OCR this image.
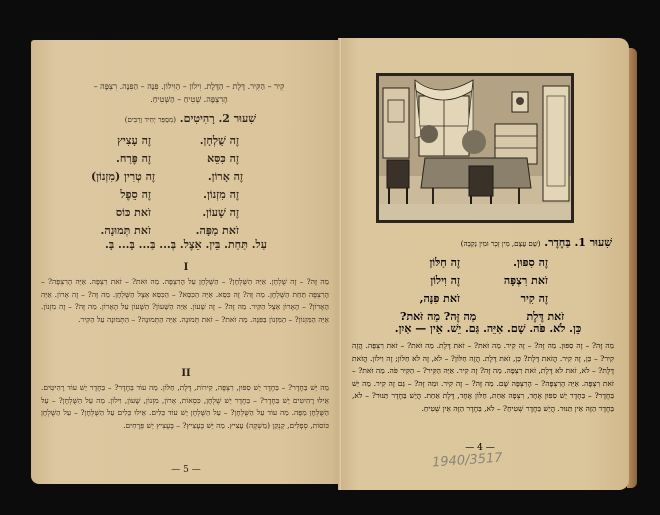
קִיר – הַקִּיר. דֶּלֶת – הַדֶּלֶת. וִילוֹן – הַוִּילוֹן. פִּנָּה – הַפִּנָּה. רִצְפָּה –
הָרִצְפָּה. שְׁטִיחַ – הַשְּׁטִיחַ.
שִׁעוּר 2. רָהִיטִים. (מִסְפָּר יָחִיד וְרַבִּים)
זֶה שֻׁלְחָן.
זֶה עָצִיץ
זֶה כִּסֵּא
זֶה פֶּרַח.
זֶה אָרוֹן.
זֶה טְרִין (מִזְנוֹן)
זֶה מִזְנוֹן.
זֶה סֵפֶל
זֶה שָׁעוֹן.
זֹאת כּוֹס
זֹאת מַפָּה.
זֹאת תְּמוּנָה.
עַל. תַּחַת. בֵּין. אֵצֶל. בְּ... בַּ... בָּ... בָּ.
I
מַה זֶּה? – זֶה שֻׁלְחָן. אַיֵּה הַשֻּׁלְחָן? – הַשֻּׁלְחָן עַל הָרִצְפָּה. מַה זֹּאת? – זֹאת רִצְפָּה. אַיֵּה הָרִצְפָּה? – הָרִצְפָּה תַּחַת הַשֻּׁלְחָן. מַה זֶּה? זֶה כִּסֵּא. אַיֵּה הַכִּסֵּא? – הַכִּסֵּא אֵצֶל הַשֻּׁלְחָן. מַה זֶּה? – זֶה אָרוֹן. אַיֵּה הָאָרוֹן? – הָאָרוֹן אֵצֶל הַקִּיר. מַה זֶּה? – זֶה שָׁעוֹן. אַיֵּה הַשָּׁעוֹן? הַשָּׁעוֹן עַל הָאָרוֹן. מַה זֶּה? – זֶה מִזְנוֹן. אַיֵּה הַמִּזְנוֹן? – הַמִּזְנוֹן בַּפִּנָּה. מַה זֹּאת? – זֹאת תְּמוּנָה. אַיֵּה הַתְּמוּנָה? – הַתְּמוּנָה עַל הַקִּיר.
II
מַה יֵּשׁ בַּחֶדֶר? – בַּחֶדֶר יֵשׁ סִפּוּן, רִצְפָּה, קִירוֹת, דֶּלֶת, חַלּוֹן. מַה עוֹד בַּחֶדֶר? – בַּחֶדֶר יֵשׁ עוֹד רָהִיטִים. אֵילוּ רָהִיטִים יֵשׁ בַּחֶדֶר? – בַּחֶדֶר יֵשׁ שֻׁלְחָן, כִּסְאוֹת, אָרוֹן, מִזְנוֹן, שָׁעוֹן, וִילוֹן. מַה עַל הַשֻּׁלְחָן? – עַל הַשֻּׁלְחָן מַפָּה. מַה עוֹד עַל הַשֻּׁלְחָן? – עַל הַשֻּׁלְחָן יֵשׁ עוֹד כֵּלִים. אֵילוּ כֵּלִים עַל הַשֻּׁלְחָן? – עַל הַשֻּׁלְחָן כּוֹסוֹת, סְפָלִים, קַנְקַן (מַשְׁקֶה) עָצִיץ. מַה יֵּשׁ בֶּעָצִיץ? – בֶּעָצִיץ יֵשׁ פְּרָחִים.
— 5 —
שִׁעוּר 1. בַּחֶדֶר. (שֵׁם עֶצֶם, מִין זָכָר וּמִין נְקֵבָה)
זֶה סִפּוּן.
זֶה חַלּוֹן
זֹאת רִצְפָּה
זֶה וִילוֹן
זֶה קִיר
זֹאת פִּנָּה,
זֹאת דֶּלֶת
מַה זֶּה? מַה זֹּאת?
כֵּן. לֹא. פֹּה. שָׁם. אַיֵּה. גַּם. יֵשׁ. אֵין — אַיִן.
מַה זֶּה? – זֶה סִפּוּן. מַה זֶּה? – זֶה קִיר. מַה זֹּאת? – זֹאת דֶּלֶת. מַה זֹּאת? – זֹאת רִצְפָּה. הֲזֶה קִיר? – כֵּן, זֶה קִיר. הֲזֹאת דֶּלֶת? כֵּן, זֹאת דֶּלֶת. הֲזֶה חַלּוֹן? – לֹא, זֶה לֹא חַלּוֹן; זֶה וִילוֹן. הֲזֹאת דֶּלֶת? – לֹא, זֹאת לֹא דֶּלֶת, זֹאת רִצְפָּה. מַה זֶּה? זֶה קִיר. אַיֵּה הַקִּיר? – הַקִּיר פֹּה. מַה זֹּאת? – זֹאת רִצְפָּה. אַיֵּה הָרִצְפָּה? – הָרִצְפָּה שָׁם. מַה זֶּה? – זֶה קִיר. וּמַה זֶּה? – גַּם זֶה קִיר. מַה יֵּשׁ בַּחֶדֶר? – בַּחֶדֶר יֵשׁ סִפּוּן אֶחָד, רִצְפָּה אַחַת, חַלּוֹן אֶחָד, דֶּלֶת אַחַת. הֲיֵשׁ בַּחֶדֶר תַּנּוּר? – לֹא, בַּחֶדֶר הַזֶּה אֵין תַּנּוּר. הֲיֵשׁ בַּחֶדֶר שְׁטִיחַ? – לֹא, בַּחֶדֶר הַזֶּה אֵין שְׁטִיחַ.
— 4 —
1940/3517
